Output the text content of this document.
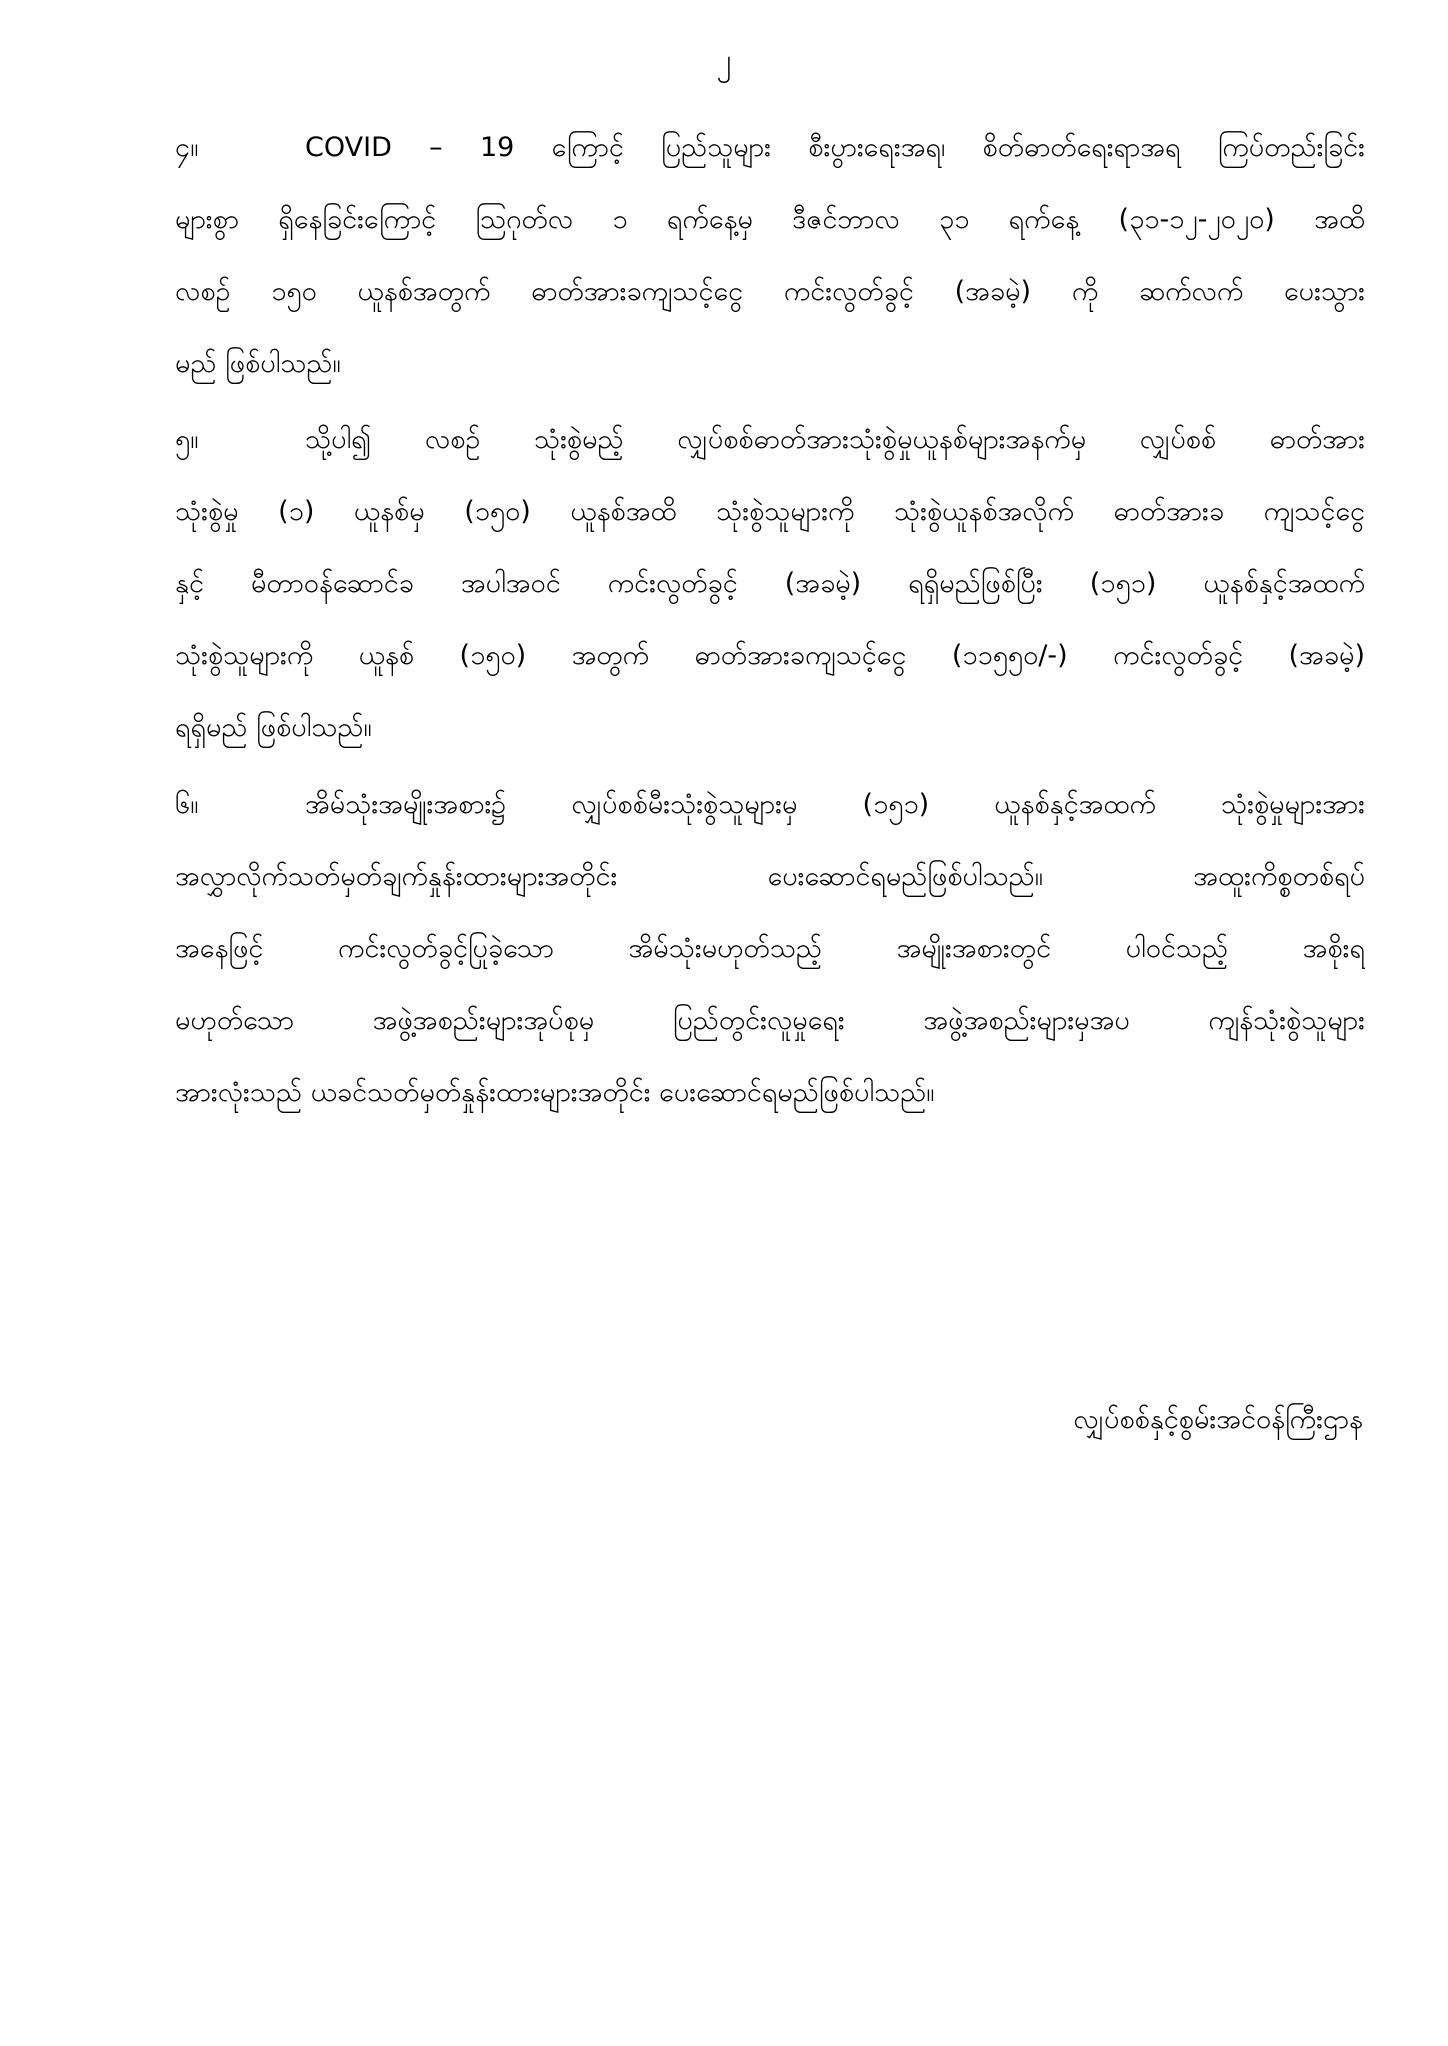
၂
၄။	COVID – 19 ကြောင့် ပြည်သူများ စီးပွားရေးအရ၊ စိတ်ဓာတ်ရေးရာအရ ကြပ်တည်းခြင်း
များစွာ ရှိနေခြင်းကြောင့် ဩဂုတ်လ ၁ ရက်နေ့မှ ဒီဇင်ဘာလ ၃၁ ရက်နေ့ (၃၁-၁၂-၂၀၂၀) အထိ
လစဉ် ၁၅၀ ယူနစ်အတွက် ဓာတ်အားခကျသင့်ငွေ ကင်းလွတ်ခွင့် (အခမဲ့) ကို ဆက်လက် ပေးသွား
မည် ဖြစ်ပါသည်။
၅။	သို့ပါ၍ လစဉ် သုံးစွဲမည့် လျှပ်စစ်ဓာတ်အားသုံးစွဲမှုယူနစ်များအနက်မှ လျှပ်စစ် ဓာတ်အား
သုံးစွဲမှု (၁) ယူနစ်မှ (၁၅၀) ယူနစ်အထိ သုံးစွဲသူများကို သုံးစွဲယူနစ်အလိုက် ဓာတ်အားခ ကျသင့်ငွေ
နှင့် မီတာဝန်ဆောင်ခ အပါအဝင် ကင်းလွတ်ခွင့် (အခမဲ့) ရရှိမည်ဖြစ်ပြီး (၁၅၁) ယူနစ်နှင့်အထက်
သုံးစွဲသူများကို ယူနစ် (၁၅၀) အတွက် ဓာတ်အားခကျသင့်ငွေ (၁၁၅၅၀/-) ကင်းလွတ်ခွင့် (အခမဲ့)
ရရှိမည် ဖြစ်ပါသည်။
၆။	အိမ်သုံးအမျိုးအစား၌ လျှပ်စစ်မီးသုံးစွဲသူများမှ (၁၅၁) ယူနစ်နှင့်အထက် သုံးစွဲမှုများအား
အလွှာလိုက်သတ်မှတ်ချက်နှုန်းထားများအတိုင်း ပေးဆောင်ရမည်ဖြစ်ပါသည်။ အထူးကိစ္စတစ်ရပ်
အနေဖြင့် ကင်းလွတ်ခွင့်ပြုခဲ့သော အိမ်သုံးမဟုတ်သည့် အမျိုးအစားတွင် ပါဝင်သည့် အစိုးရ
မဟုတ်သော အဖွဲ့အစည်းများအုပ်စုမှ ပြည်တွင်းလူမှုရေး အဖွဲ့အစည်းများမှအပ ကျန်သုံးစွဲသူများ
အားလုံးသည် ယခင်သတ်မှတ်နှုန်းထားများအတိုင်း ပေးဆောင်ရမည်ဖြစ်ပါသည်။
လျှပ်စစ်နှင့်စွမ်းအင်ဝန်ကြီးဌာန
